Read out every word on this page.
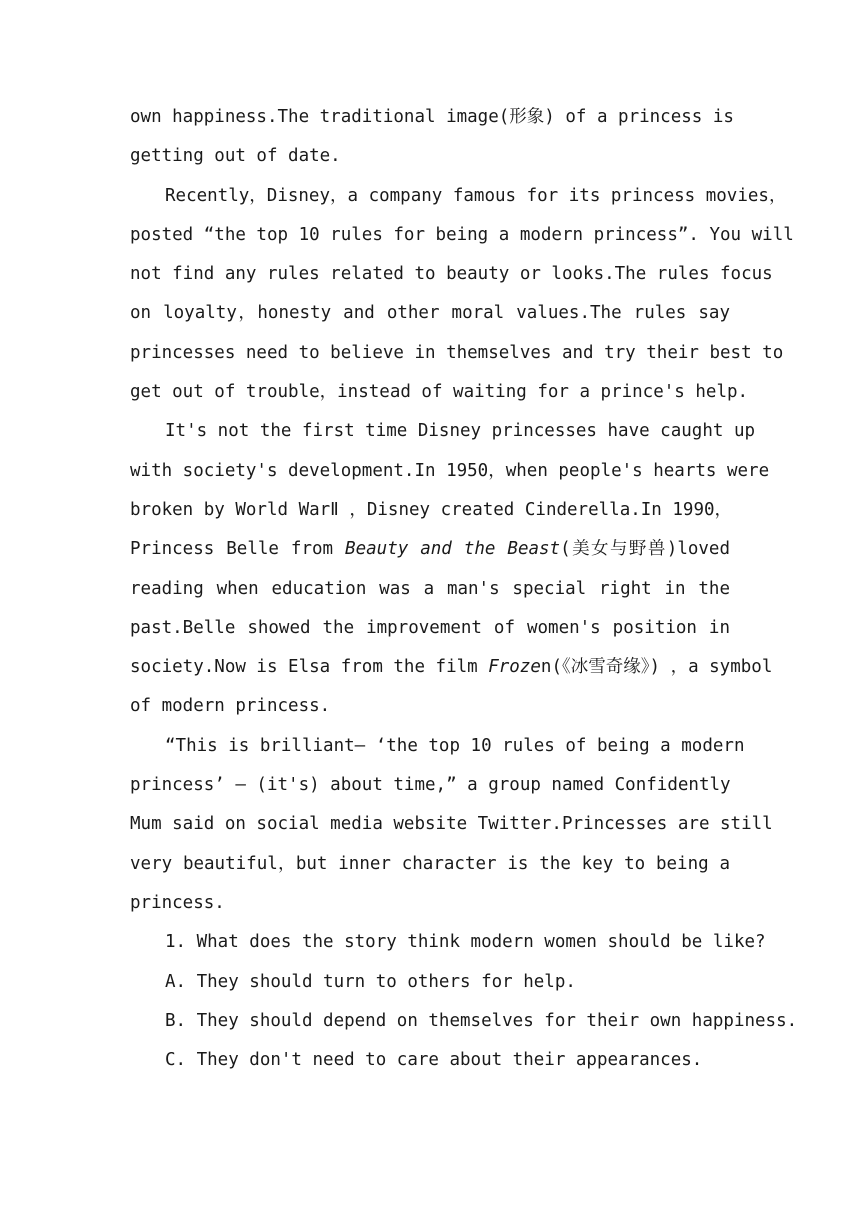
own happiness.The traditional image(形象) of a princess is
getting out of date.
Recently，Disney，a company famous for its princess movies，
posted “the top 10 rules for being a modern princess”. You will
not find any rules related to beauty or looks.The rules focus
on loyalty，honesty and other moral values.The rules say
princesses need to believe in themselves and try their best to
get out of trouble，instead of waiting for a prince's help.
It's not the first time Disney princesses have caught up
with society's development.In 1950，when people's hearts were
broken by World WarⅡ ，Disney created Cinderella.In 1990，
Princess Belle from Beauty and the Beast(美女与野兽)loved
reading when education was a man's special right in the
past.Belle showed the improvement of women's position in
society.Now is Elsa from the film Frozen(《冰雪奇缘》) ，a symbol
of modern princess.
“This is brilliant— ‘the top 10 rules of being a modern
princess’ — (it's) about time,” a group named Confidently
Mum said on social media website Twitter.Princesses are still
very beautiful，but inner character is the key to being a
princess.
1. What does the story think modern women should be like?
A. They should turn to others for help.
B. They should depend on themselves for their own happiness.
C. They don't need to care about their appearances.
